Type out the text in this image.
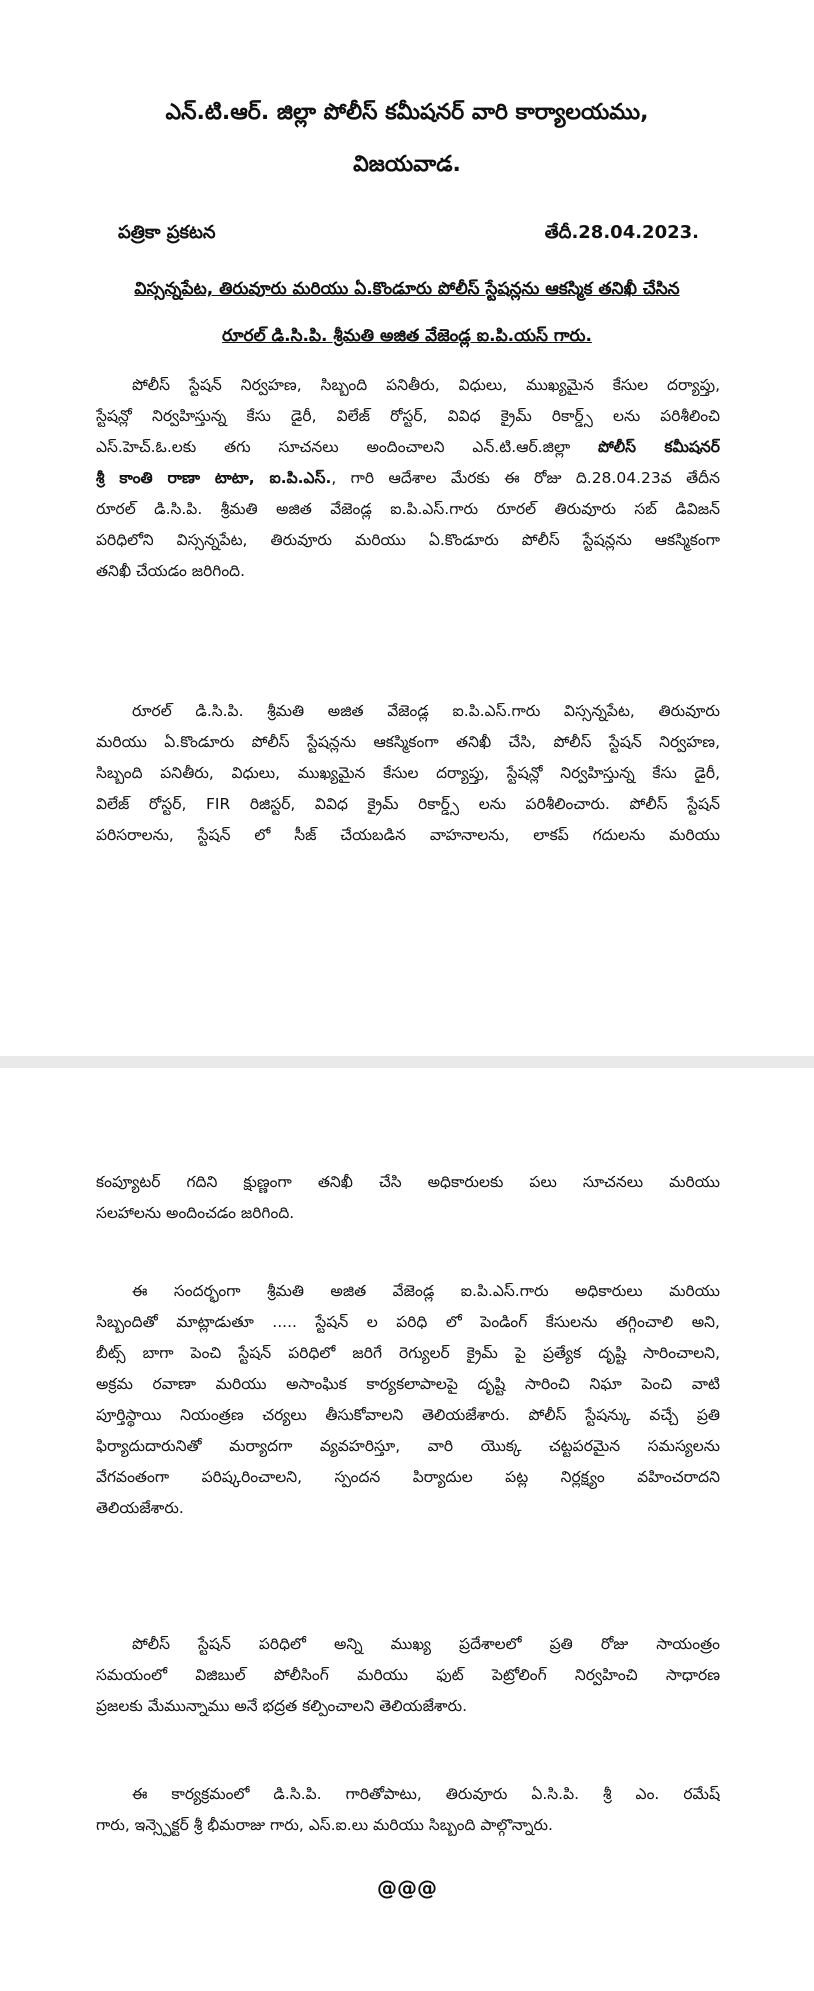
ఎన్.టి.ఆర్. జిల్లా పోలీస్ కమీషనర్ వారి కార్యాలయము,
విజయవాడ.
పత్రికా ప్రకటన	తేదీ.28.04.2023.
విస్సన్నపేట, తిరువూరు మరియు ఏ.కొండూరు పోలీస్ స్టేషన్లను ఆకస్మిక తనిఖీ చేసిన
రూరల్ డి.సి.పి. శ్రీమతి అజిత వేజెండ్ల ఐ.పి.యస్ గారు.
పోలీస్ స్టేషన్ నిర్వహణ, సిబ్బంది పనితీరు, విధులు, ముఖ్యమైన కేసుల దర్యాప్తు,
స్టేషన్లో నిర్వహిస్తున్న కేసు డైరీ, విలేజ్ రోస్టర్, వివిధ క్రైమ్ రికార్డ్స్ లను పరిశీలించి
ఎస్.హెచ్.ఓ.లకు తగు సూచనలు అందించాలని ఎన్.టి.ఆర్.జిల్లా పోలీస్ కమీషనర్
శ్రీ కాంతి రాణా టాటా, ఐ.పి.ఎస్., గారి ఆదేశాల మేరకు ఈ రోజు ది.28.04.23వ తేదీన
రూరల్ డి.సి.పి. శ్రీమతి అజిత వేజెండ్ల ఐ.పి.ఎస్.గారు రూరల్ తిరువూరు సబ్ డివిజన్
పరిధిలోని విస్సన్నపేట, తిరువూరు మరియు ఏ.కొండూరు పోలీస్ స్టేషన్లను ఆకస్మికంగా
తనిఖీ చేయడం జరిగింది.
రూరల్ డి.సి.పి. శ్రీమతి అజిత వేజెండ్ల ఐ.పి.ఎస్.గారు విస్సన్నపేట, తిరువూరు
మరియు ఏ.కొండూరు పోలీస్ స్టేషన్లను ఆకస్మికంగా తనిఖీ చేసి, పోలీస్ స్టేషన్ నిర్వహణ,
సిబ్బంది పనితీరు, విధులు, ముఖ్యమైన కేసుల దర్యాప్తు, స్టేషన్లో నిర్వహిస్తున్న కేసు డైరీ,
విలేజ్ రోస్టర్, FIR రిజిస్టర్, వివిధ క్రైమ్ రికార్డ్స్ లను పరిశీలించారు. పోలీస్ స్టేషన్
పరిసరాలను, స్టేషన్ లో సీజ్ చేయబడిన వాహనాలను, లాకప్ గదులను మరియు
కంప్యూటర్ గదిని క్షుణ్ణంగా తనిఖీ చేసి అధికారులకు పలు సూచనలు మరియు
సలహాలను అందించడం జరిగింది.
ఈ సందర్భంగా శ్రీమతి అజిత వేజెండ్ల ఐ.పి.ఎస్.గారు అధికారులు మరియు
సిబ్బందితో మాట్లాడుతూ ..... స్టేషన్ ల పరిధి లో పెండింగ్ కేసులను తగ్గించాలి అని,
బీట్స్ బాగా పెంచి స్టేషన్ పరిధిలో జరిగే రెగ్యులర్ క్రైమ్ పై ప్రత్యేక దృష్టి సారించాలని,
అక్రమ రవాణా మరియు అసాంఘిక కార్యకలాపాలపై దృష్టి సారించి నిఘా పెంచి వాటి
పూర్తిస్థాయి నియంత్రణ చర్యలు తీసుకోవాలని తెలియజేశారు. పోలీస్ స్టేషన్కు వచ్చే ప్రతి
ఫిర్యాదుదారునితో మర్యాదగా వ్యవహరిస్తూ, వారి యొక్క చట్టపరమైన సమస్యలను
వేగవంతంగా పరిష్కరించాలని, స్పందన పిర్యాదుల పట్ల నిర్లక్ష్యం వహించరాదని
తెలియజేశారు.
పోలీస్ స్టేషన్ పరిధిలో అన్ని ముఖ్య ప్రదేశాలలో ప్రతి రోజు సాయంత్రం
సమయంలో విజిబుల్ పోలీసింగ్ మరియు ఫుట్ పెట్రోలింగ్ నిర్వహించి సాధారణ
ప్రజలకు మేమున్నాము అనే భద్రత కల్పించాలని తెలియజేశారు.
ఈ కార్యక్రమంలో డి.సి.పి. గారితోపాటు, తిరువూరు ఏ.సి.పి. శ్రీ ఎం. రమేష్
గారు, ఇన్స్పెక్టర్ శ్రీ భీమరాజు గారు, ఎస్.ఐ.లు మరియు సిబ్బంది పాల్గొన్నారు.
@@@
